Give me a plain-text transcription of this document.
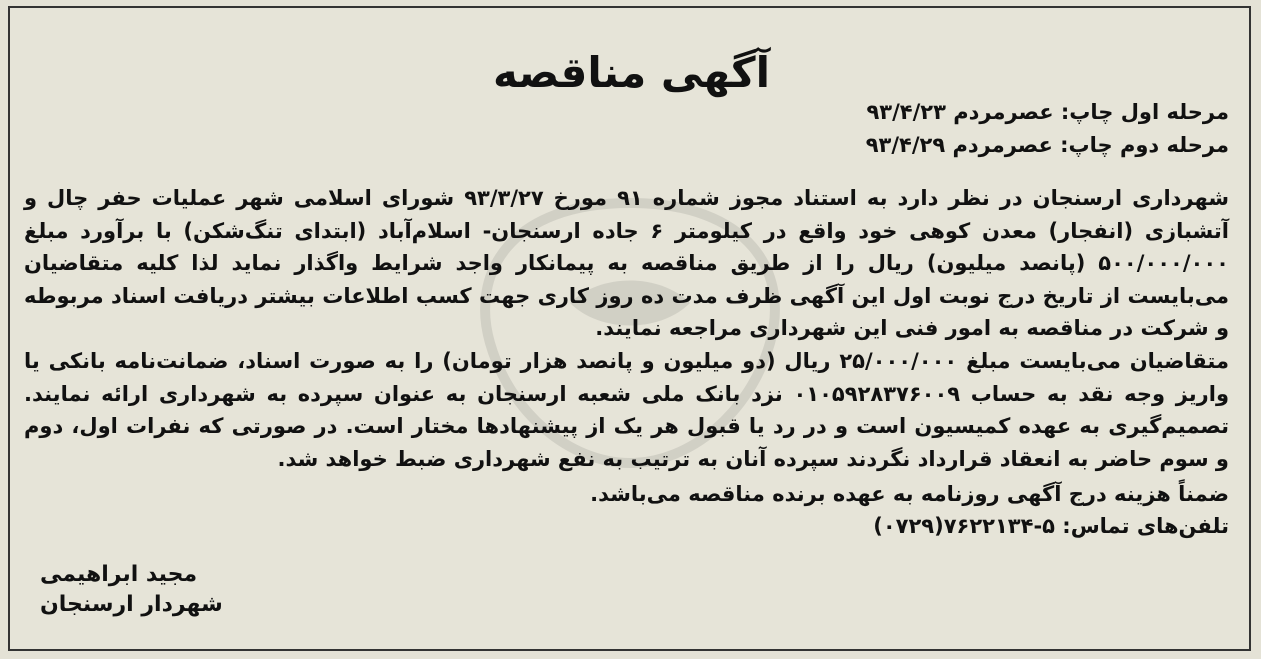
آگهی مناقصه
مرحله اول چاپ: عصرمردم ۹۳/۴/۲۳
مرحله دوم چاپ: عصرمردم ۹۳/۴/۲۹
شهرداری ارسنجان در نظر دارد به استناد مجوز شماره ۹۱ مورخ ۹۳/۳/۲۷ شورای اسلامی شهر عملیات حفر چال و آتشبازی (انفجار) معدن کوهی خود واقع در کیلومتر ۶ جاده ارسنجان- اسلام‌آباد (ابتدای تنگ‌شکن) با برآورد مبلغ ۵۰۰/۰۰۰/۰۰۰ (پانصد میلیون) ریال را از طریق مناقصه به پیمانکار واجد شرایط واگذار نماید لذا کلیه متقاضیان می‌بایست از تاریخ درج نوبت اول این آگهی ظرف مدت ده روز کاری جهت کسب اطلاعات بیشتر دریافت اسناد مربوطه و شرکت در مناقصه به امور فنی این شهرداری مراجعه نمایند.
متقاضیان می‌بایست مبلغ ۲۵/۰۰۰/۰۰۰ ریال (دو میلیون و پانصد هزار تومان) را به صورت اسناد، ضمانت‌نامه بانکی یا واریز وجه نقد به حساب ۰۱۰۵۹۲۸۳۷۶۰۰۹ نزد بانک ملی شعبه ارسنجان به عنوان سپرده به شهرداری ارائه نمایند. تصمیم‌گیری به عهده کمیسیون است و در رد یا قبول هر یک از پیشنهادها مختار است. در صورتی که نفرات اول، دوم و سوم حاضر به انعقاد قرارداد نگردند سپرده آنان به ترتیب به نفع شهرداری ضبط خواهد شد.
ضمناً هزینه درج آگهی روزنامه به عهده برنده مناقصه می‌باشد.
تلفن‌های تماس: ۵-۷۶۲۲۱۳۴(۰۷۲۹)
مجید ابراهیمی
شهردار ارسنجان
